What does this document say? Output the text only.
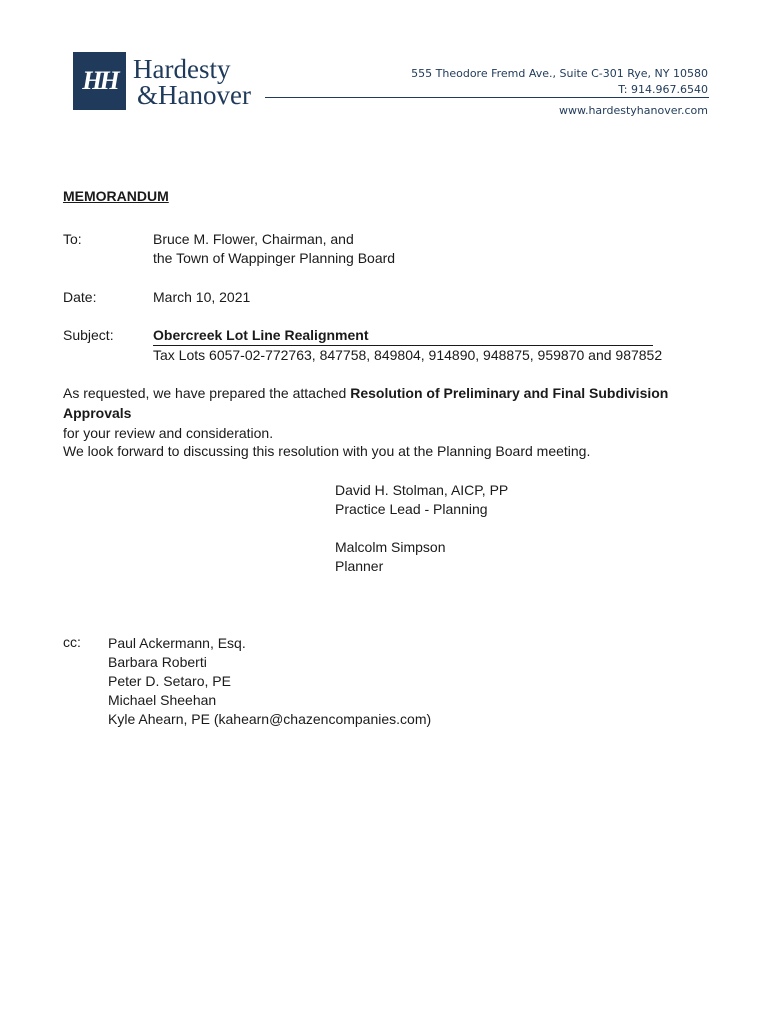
HH Hardesty
&Hanover
555 Theodore Fremd Ave., Suite C-301 Rye, NY 10580
T: 914.967.6540
www.hardestyhanover.com
MEMORANDUM
To:	Bruce M. Flower, Chairman, and
the Town of Wappinger Planning Board
Date:	March 10, 2021
Subject:	Obercreek Lot Line Realignment
Tax Lots 6057-02-772763, 847758, 849804, 914890, 948875, 959870 and 987852
As requested, we have prepared the attached Resolution of Preliminary and Final Subdivision Approvals
for your review and consideration.
We look forward to discussing this resolution with you at the Planning Board meeting.
David H. Stolman, AICP, PP
Practice Lead - Planning
Malcolm Simpson
Planner
cc: Paul Ackermann, Esq.
Barbara Roberti
Peter D. Setaro, PE
Michael Sheehan
Kyle Ahearn, PE (kahearn@chazencompanies.com)
